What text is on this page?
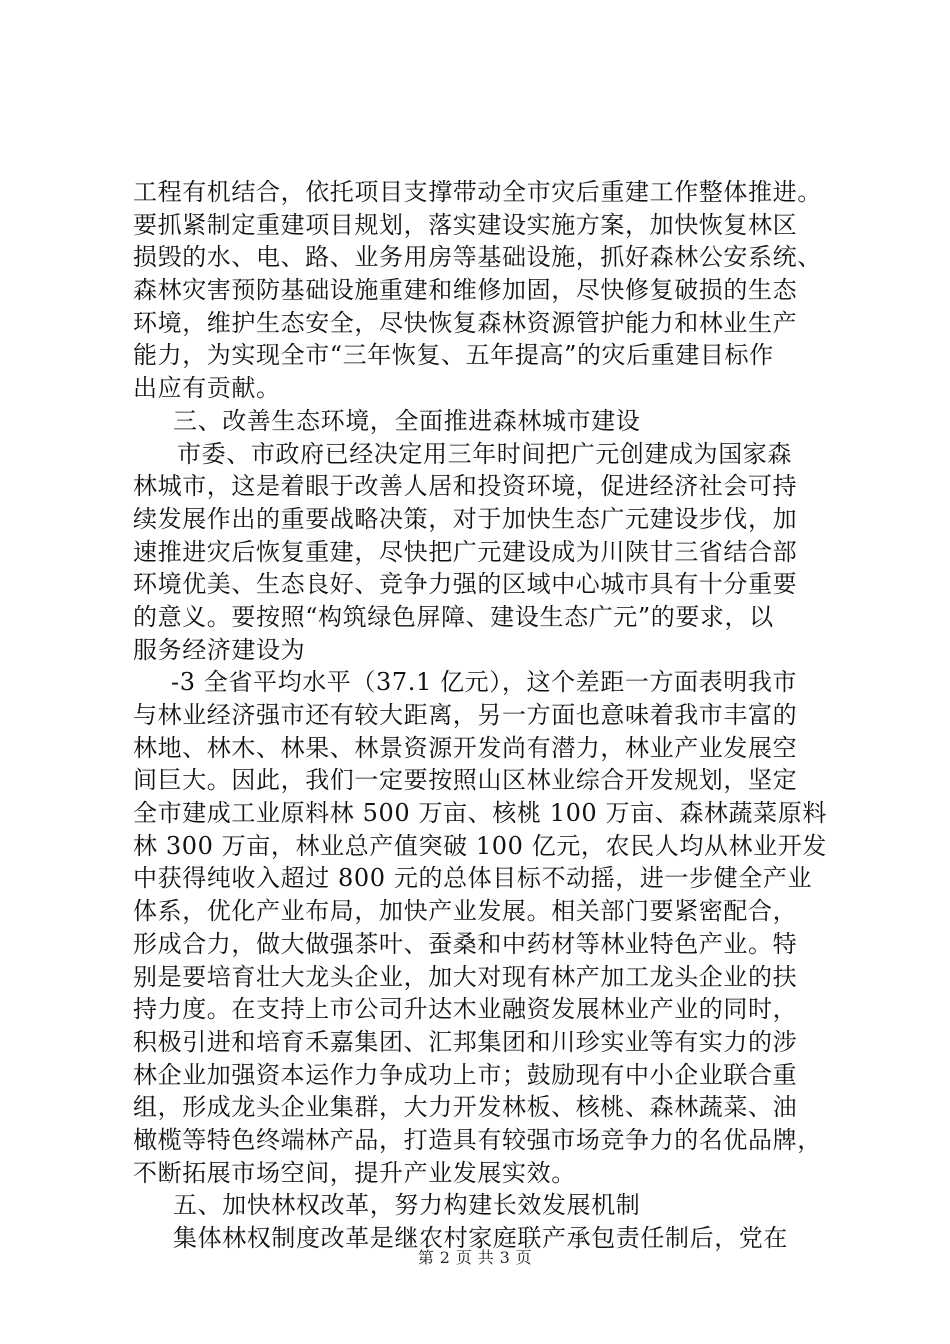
工程有机结合，依托项目支撑带动全市灾后重建工作整体推进。
要抓紧制定重建项目规划，落实建设实施方案，加快恢复林区
损毁的水、电、路、业务用房等基础设施，抓好森林公安系统、
森林灾害预防基础设施重建和维修加固，尽快修复破损的生态
环境，维护生态安全，尽快恢复森林资源管护能力和林业生产
能力，为实现全市“三年恢复、五年提高”的灾后重建目标作
出应有贡献。
三、改善生态环境，全面推进森林城市建设
市委、市政府已经决定用三年时间把广元创建成为国家森
林城市，这是着眼于改善人居和投资环境，促进经济社会可持
续发展作出的重要战略决策，对于加快生态广元建设步伐，加
速推进灾后恢复重建，尽快把广元建设成为川陕甘三省结合部
环境优美、生态良好、竞争力强的区域中心城市具有十分重要
的意义。要按照“构筑绿色屏障、建设生态广元”的要求，以
服务经济建设为
-3 全省平均水平（37.1 亿元），这个差距一方面表明我市
与林业经济强市还有较大距离，另一方面也意味着我市丰富的
林地、林木、林果、林景资源开发尚有潜力，林业产业发展空
间巨大。因此，我们一定要按照山区林业综合开发规划，坚定
全市建成工业原料林 500 万亩、核桃 100 万亩、森林蔬菜原料
林 300 万亩，林业总产值突破 100 亿元，农民人均从林业开发
中获得纯收入超过 800 元的总体目标不动摇，进一步健全产业
体系，优化产业布局，加快产业发展。相关部门要紧密配合，
形成合力，做大做强茶叶、蚕桑和中药材等林业特色产业。特
别是要培育壮大龙头企业，加大对现有林产加工龙头企业的扶
持力度。在支持上市公司升达木业融资发展林业产业的同时，
积极引进和培育禾嘉集团、汇邦集团和川珍实业等有实力的涉
林企业加强资本运作力争成功上市；鼓励现有中小企业联合重
组，形成龙头企业集群，大力开发林板、核桃、森林蔬菜、油
橄榄等特色终端林产品，打造具有较强市场竞争力的名优品牌，
不断拓展市场空间，提升产业发展实效。
五、加快林权改革，努力构建长效发展机制
集体林权制度改革是继农村家庭联产承包责任制后，党在
第 2 页 共 3 页
